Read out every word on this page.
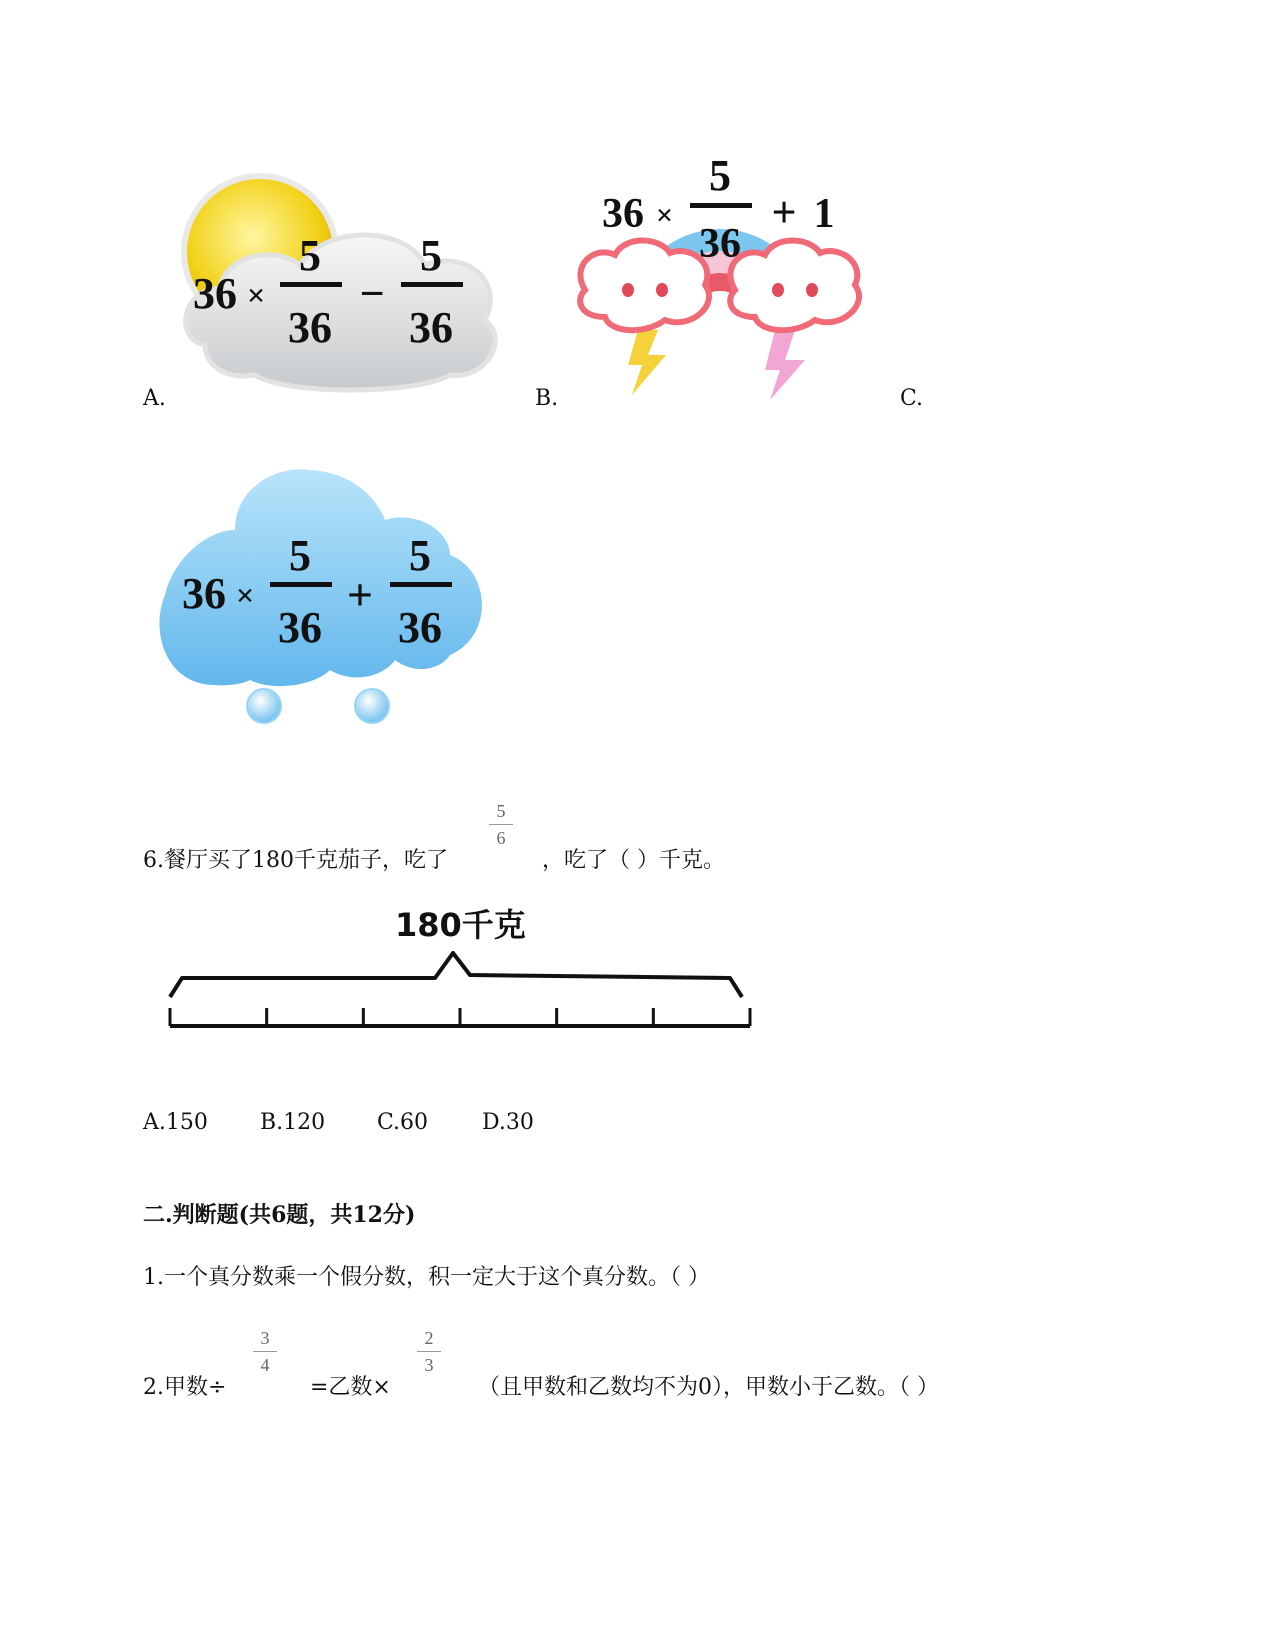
36 ×
5
36
−
5
36
36 ×
5
36
+ 1
A.	B.	C.
36 ×
5
36
+
5
36
6.餐厅买了180千克茄子，吃了
5
6
，吃了（ ）千克。
180千克
A.150 B.120 C.60 D.30
二.判断题(共6题，共12分)
1.一个真分数乘一个假分数，积一定大于这个真分数。（ ）
2.甲数÷
3
4
=乙数×
2
3
（且甲数和乙数均不为0），甲数小于乙数。（ ）
